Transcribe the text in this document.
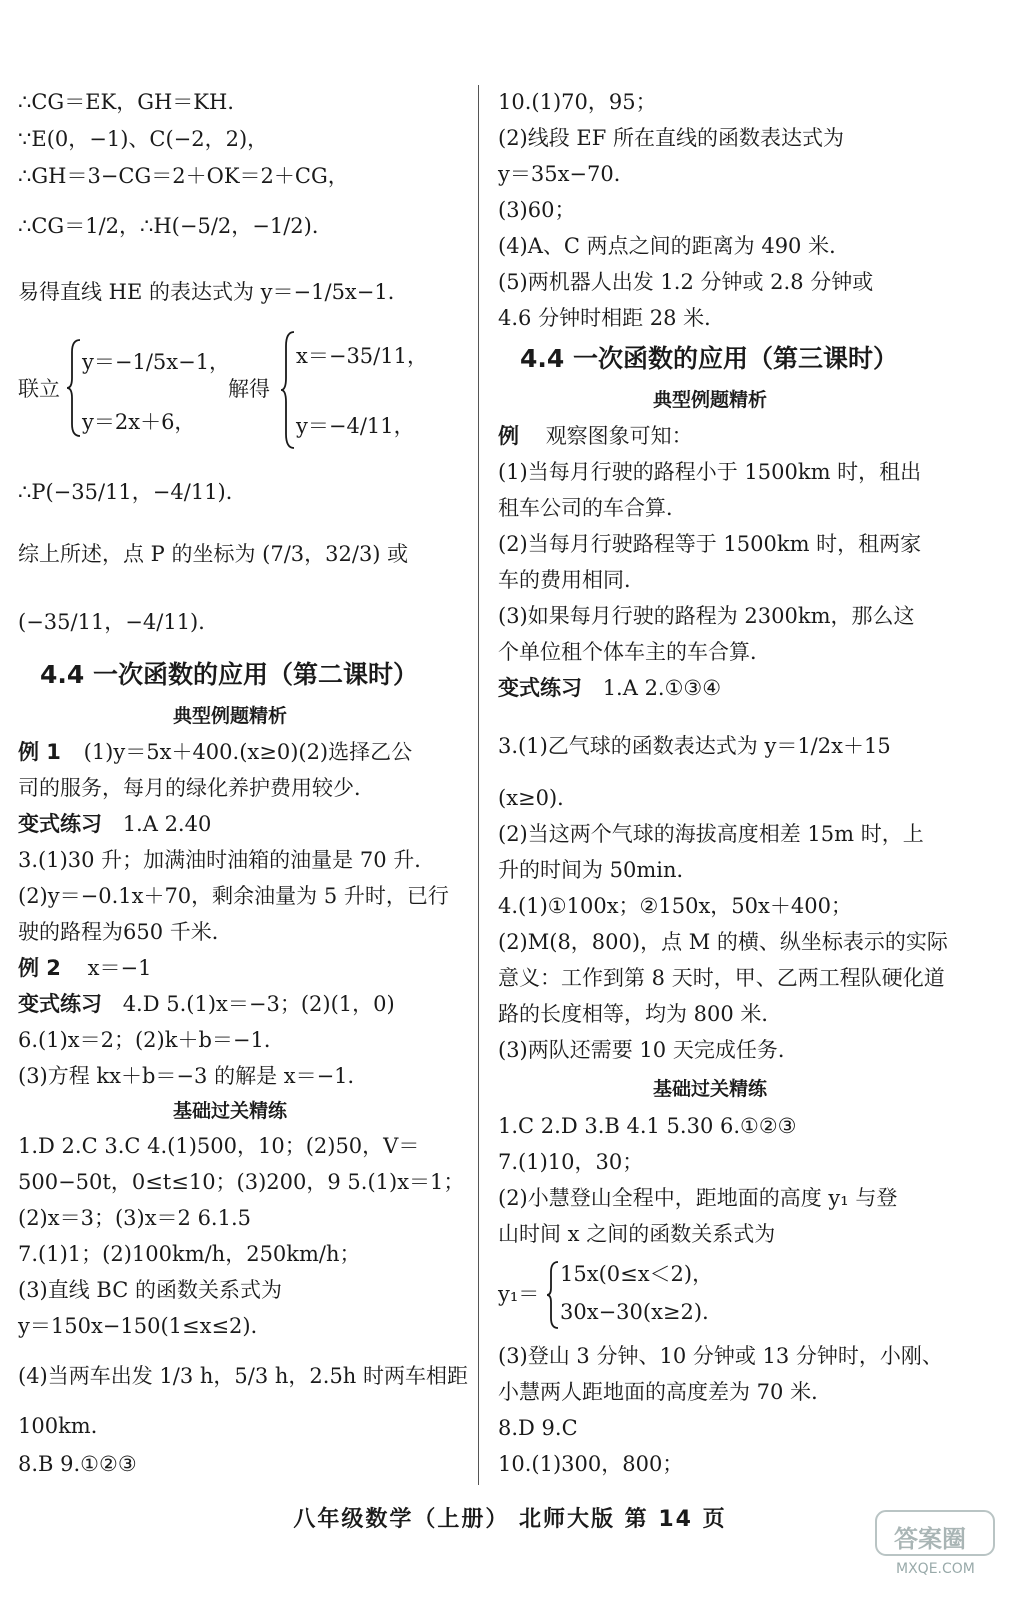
∴CG＝EK，GH＝KH．
∵E(0，−1)、C(−2，2)，
∴GH＝3−CG＝2＋OK＝2＋CG，
∴CG＝1/2，∴H(−5/2，−1/2)．
易得直线 HE 的表达式为 y＝−1/5x−1．
联立
y＝−1/5x−1，
y＝2x＋6，
解得
x＝−35/11，
y＝−4/11，
∴P(−35/11，−4/11)．
综上所述，点 P 的坐标为 (7/3，32/3) 或
(−35/11，−4/11)．
4.4 一次函数的应用（第二课时）
典型例题精析
例 1 (1)y＝5x＋400.(x≥0)(2)选择乙公
司的服务，每月的绿化养护费用较少．
变式练习 1.A 2.40
3.(1)30 升；加满油时油箱的油量是 70 升．
(2)y＝−0.1x＋70，剩余油量为 5 升时，已行
驶的路程为650 千米．
例 2 x＝−1
变式练习 4.D 5.(1)x＝−3；(2)(1，0)
6.(1)x＝2；(2)k＋b＝−1．
(3)方程 kx＋b＝−3 的解是 x＝−1．
基础过关精练
1.D 2.C 3.C 4.(1)500，10；(2)50，V＝
500−50t，0≤t≤10；(3)200，9 5.(1)x＝1；
(2)x＝3；(3)x＝2 6.1.5
7.(1)1；(2)100km/h，250km/h；
(3)直线 BC 的函数关系式为
y＝150x−150(1≤x≤2)．
(4)当两车出发 1/3 h，5/3 h，2.5h 时两车相距
100km．
8.B 9.①②③
10.(1)70，95；
(2)线段 EF 所在直线的函数表达式为
y＝35x−70．
(3)60；
(4)A、C 两点之间的距离为 490 米．
(5)两机器人出发 1.2 分钟或 2.8 分钟或
4.6 分钟时相距 28 米．
4.4 一次函数的应用（第三课时）
典型例题精析
例 观察图象可知：
(1)当每月行驶的路程小于 1500km 时，租出
租车公司的车合算．
(2)当每月行驶路程等于 1500km 时，租两家
车的费用相同．
(3)如果每月行驶的路程为 2300km，那么这
个单位租个体车主的车合算．
变式练习 1.A 2.①③④
3.(1)乙气球的函数表达式为 y＝1/2x＋15
(x≥0)．
(2)当这两个气球的海拔高度相差 15m 时，上
升的时间为 50min．
4.(1)①100x；②150x，50x＋400；
(2)M(8，800)，点 M 的横、纵坐标表示的实际
意义：工作到第 8 天时，甲、乙两工程队硬化道
路的长度相等，均为 800 米．
(3)两队还需要 10 天完成任务．
基础过关精练
1.C 2.D 3.B 4.1 5.30 6.①②③
7.(1)10，30；
(2)小慧登山全程中，距地面的高度 y₁ 与登
山时间 x 之间的函数关系式为
y₁＝
15x(0≤x＜2)，
30x−30(x≥2)．
(3)登山 3 分钟、10 分钟或 13 分钟时，小刚、
小慧两人距地面的高度差为 70 米．
8.D 9.C
10.(1)300，800；
八年级数学（上册） 北师大版 第 14 页
答案圈
MXQE.COM
